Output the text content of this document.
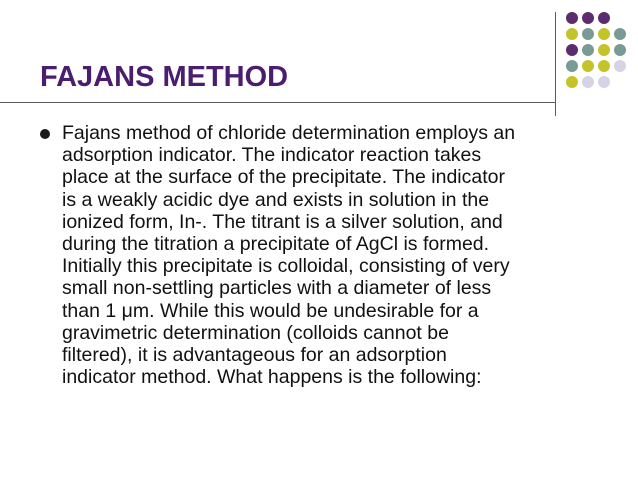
FAJANS METHOD

Fajans method of chloride determination employs an
adsorption indicator. The indicator reaction takes
place at the surface of the precipitate. The indicator
is a weakly acidic dye and exists in solution in the
ionized form, In-. The titrant is a silver solution, and
during the titration a precipitate of AgCl is formed.
Initially this precipitate is colloidal, consisting of very
small non-settling particles with a diameter of less
than 1 μm. While this would be undesirable for a
gravimetric determination (colloids cannot be
filtered), it is advantageous for an adsorption
indicator method. What happens is the following:
